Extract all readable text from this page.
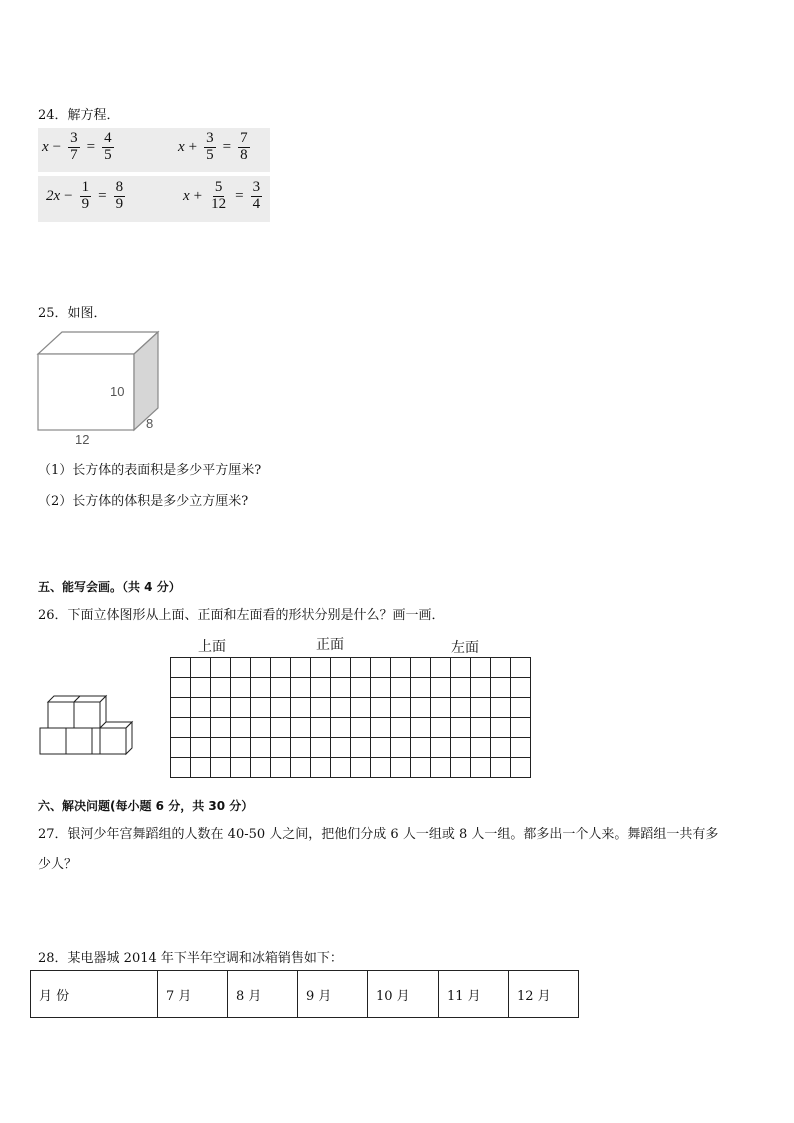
24．解方程．
$x - \frac{3}{7} = \frac{4}{5}$	$x + \frac{3}{5} = \frac{7}{8}$
$2x - \frac{1}{9} = \frac{8}{9}$	$x + \frac{5}{12} = \frac{3}{4}$
25．如图．
10
12
8
（1）长方体的表面积是多少平方厘米?
（2）长方体的体积是多少立方厘米?
五、能写会画。（共 4 分）
26．下面立体图形从上面、正面和左面看的形状分别是什么？画一画．
上面	正面	左面

六、解决问题(每小题 6 分，共 30 分）
27．银河少年宫舞蹈组的人数在 40-50 人之间，把他们分成 6 人一组或 8 人一组。都多出一个人来。舞蹈组一共有多
少人？
28．某电器城 2014 年下半年空调和冰箱销售如下：
月 份	7 月	8 月	9 月	10 月	11 月	12 月
